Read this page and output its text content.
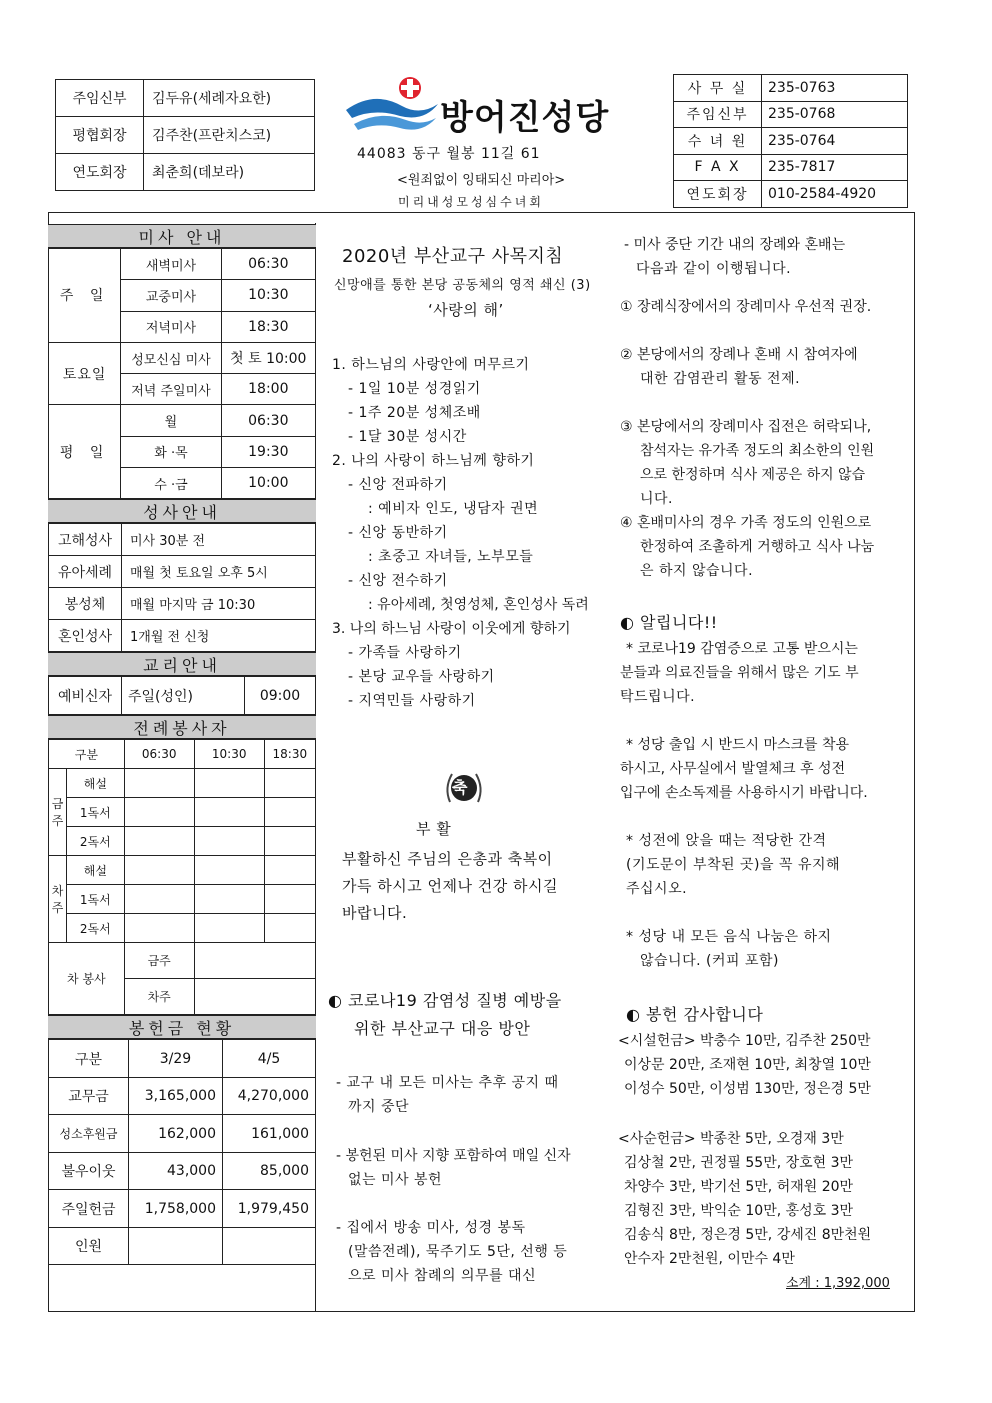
주임신부	김두유(세례자요한)
평협회장	김주찬(프란치스코)
연도회장	최춘희(데보라)
방어진성당
44083 동구 월봉 11길 61
<원죄없이 잉태되신 마리아>
미리내성모성심수녀회
사 무 실	235-0763
주임신부	235-0768
수 녀 원	235-0764
F A X	235-7817
연도회장	010-2584-4920
미사 안내
주 일	새벽미사	06:30
	교중미사	10:30
	저녁미사	18:30
토요일	성모신심 미사	첫 토 10:00
	저녁 주일미사	18:00
평 일	월	06:30
	화 ·목	19:30
	수 ·금	10:00
성사안내
고해성사	미사 30분 전
유아세례	매월 첫 토요일 오후 5시
봉성체	매월 마지막 금 10:30
혼인성사	1개월 전 신청
교리안내
예비신자	주일(성인)	09:00
전례봉사자
구분		06:30	10:30	18:30
금주	해설			
	1독서			
	2독서			
차주	해설			
	1독서			
	2독서			
차 봉사		금주		
		차주		
봉헌금 현황
구분	3/29	4/5
교무금	3,165,000	4,270,000
성소후원금	162,000	161,000
불우이웃	43,000	85,000
주일헌금	1,758,000	1,979,450
인원		
2020년 부산교구 사목지침
신망애를 통한 본당 공동체의 영적 쇄신 (3)
‘사랑의 해’
1. 하느님의 사랑안에 머무르기
- 1일 10분 성경읽기
- 1주 20분 성체조배
- 1달 30분 성시간
2. 나의 사랑이 하느님께 향하기
- 신앙 전파하기
: 예비자 인도, 냉담자 권면
- 신앙 동반하기
: 초중고 자녀들, 노부모들
- 신앙 전수하기
: 유아세례, 첫영성체, 혼인성사 독려
3. 나의 하느님 사랑이 이웃에게 향하기
- 가족들 사랑하기
- 본당 교우들 사랑하기
- 지역민들 사랑하기
축
부 활
부활하신 주님의 은총과 축복이
가득 하시고 언제나 건강 하시길
바랍니다.
◐ 코로나19 감염성 질병 예방을
위한 부산교구 대응 방안
- 교구 내 모든 미사는 추후 공지 때
까지 중단
- 봉헌된 미사 지향 포함하여 매일 신자
없는 미사 봉헌
- 집에서 방송 미사, 성경 봉독
(말씀전례), 묵주기도 5단, 선행 등
으로 미사 참례의 의무를 대신
- 미사 중단 기간 내의 장례와 혼배는
다음과 같이 이행됩니다.
① 장례식장에서의 장례미사 우선적 권장.
② 본당에서의 장례나 혼배 시 참여자에
대한 감염관리 활동 전제.
③ 본당에서의 장례미사 집전은 허락되나,
참석자는 유가족 정도의 최소한의 인원
으로 한정하며 식사 제공은 하지 않습
니다.
④ 혼배미사의 경우 가족 정도의 인원으로
한정하여 조촐하게 거행하고 식사 나눔
은 하지 않습니다.
◐ 알립니다!!
* 코로나19 감염증으로 고통 받으시는
분들과 의료진들을 위해서 많은 기도 부
탁드립니다.
* 성당 출입 시 반드시 마스크를 착용
하시고, 사무실에서 발열체크 후 성전
입구에 손소독제를 사용하시기 바랍니다.
* 성전에 앉을 때는 적당한 간격
(기도문이 부착된 곳)을 꼭 유지해
주십시오.
* 성당 내 모든 음식 나눔은 하지
않습니다. (커피 포함)
◐ 봉헌 감사합니다
<시설헌금> 박충수 10만, 김주찬 250만
이상문 20만, 조재현 10만, 최창열 10만
이성수 50만, 이성범 130만, 정은경 5만
<사순헌금> 박종찬 5만, 오경재 3만
김상철 2만, 권정필 55만, 장호현 3만
차양수 3만, 박기선 5만, 허재원 20만
김형진 3만, 박익순 10만, 홍성호 3만
김송식 8만, 정은경 5만, 강세진 8만천원
안수자 2만천원, 이만수 4만
소계 : 1,392,000
